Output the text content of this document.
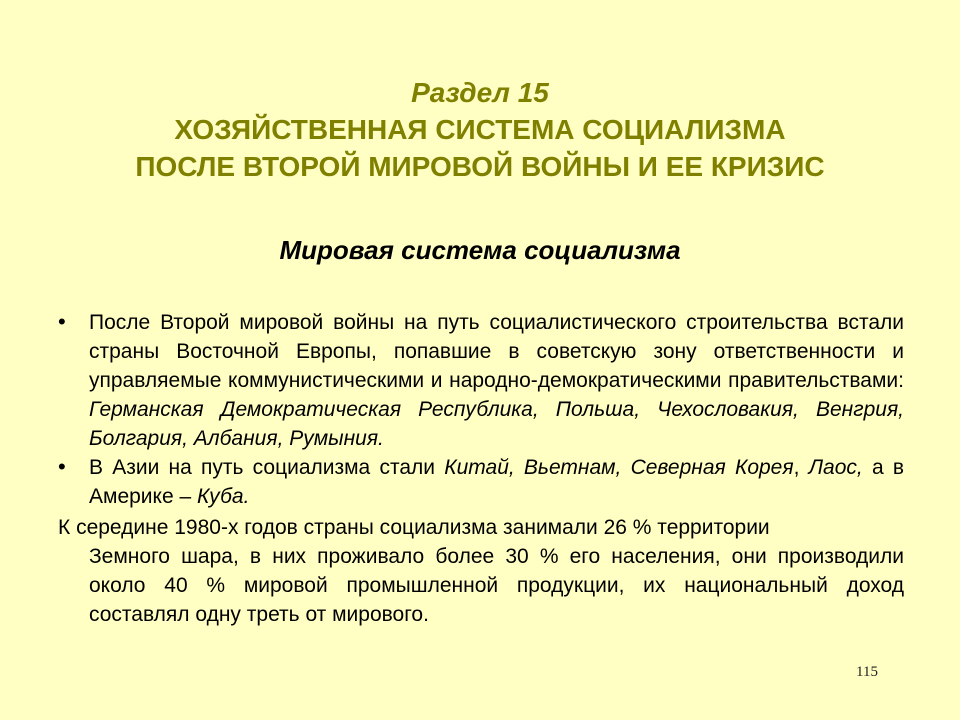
Раздел 15
ХОЗЯЙСТВЕННАЯ СИСТЕМА СОЦИАЛИЗМА
ПОСЛЕ ВТОРОЙ МИРОВОЙ ВОЙНЫ И ЕЕ КРИЗИС
Мировая система социализма
• После Второй мировой войны на путь социалистического строительства встали страны Восточной Европы, попавшие в советскую зону ответственности и управляемые коммунистическими и народно-демократическими правительствами: Германская Демократическая Республика, Польша, Чехословакия, Венгрия, Болгария, Албания, Румыния.
• В Азии на путь социализма стали Китай, Вьетнам, Северная Корея, Лаос, а в Америке – Куба.
К середине 1980-х годов страны социализма занимали 26 % территории
Земного шара, в них проживало более 30 % его населения, они производили около 40 % мировой промышленной продукции, их национальный доход составлял одну треть от мирового.
115
